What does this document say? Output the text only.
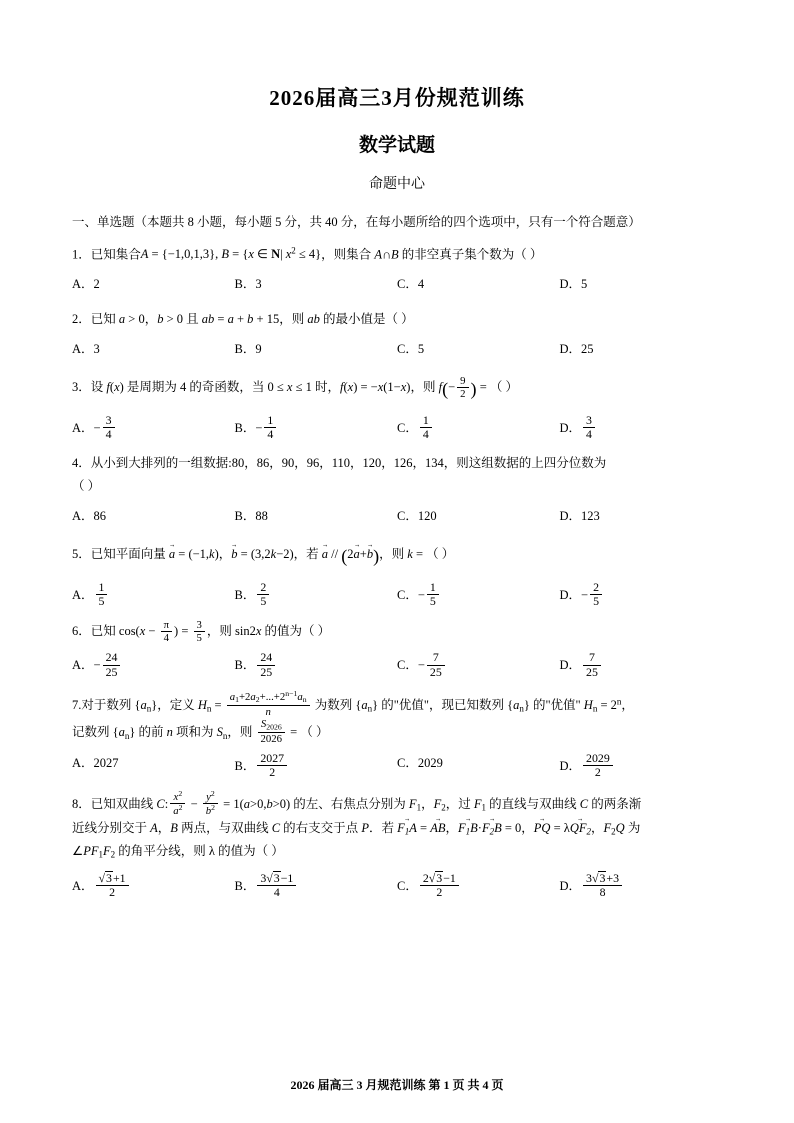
2026届高三3月份规范训练
数学试题
命题中心
一、单选题（本题共 8 小题，每小题 5 分，共 40 分，在每小题所给的四个选项中，只有一个符合题意）
1．已知集合A = {−1,0,1,3}, B = {x ∈ N| $x^2 \le 4$}，则集合 A∩B 的非空真子集个数为（ ）
A．2	B．3	C．4	D．5
2．已知 a > 0，b > 0 且 ab = a + b + 15，则 ab 的最小值是（ ）
A．3	B．9	C．5	D．25
3．设 f(x) 是周期为 4 的奇函数，当 0 ≤ x ≤ 1 时，f(x) = −x(1−x)，则 $f(- \frac{9}{2}$ ) = （ ）
A．− $\frac{3}{4}$	B．− $\frac{1}{4}$	C． $\frac{1}{4}$	D． $\frac{3}{4}$
4．从小到大排列的一组数据:80，86，90，96，110，120，126，134，则这组数据的上四分位数为
（ ）
A．86	B．88	C．120	D．123
5．已知平面向量 a → = (−1,k)，b → = (3,2k−2)，若 a → // (2a →+b →)，则 k = （ ）
A． $\frac{1}{5}$	B． $\frac{2}{5}$	C．− $\frac{1}{5}$	D．− $\frac{2}{5}$
6．已知 $\cos(x - \frac{\pi}{4}$ ) = $\frac{3}{5}$ ，则 sin2x 的值为（ ）
A．− $\frac{24}{25}$	B． $\frac{24}{25}$	C．− $\frac{7}{25}$	D． $\frac{7}{25}$
7.对于数列 $\{a_n\}$，定义 $H_n = \frac{a_1+2a_2+...+2^{n-1}a_n}{n}$ 为数列 $\{a_n\}$ 的"优值"，现已知数列 $\{a_n\}$ 的"优值" $H_n = 2^n$，
记数列 $\{a_n\}$ 的前 n 项和为 $S_n$，则 $\frac{S_{2026}}{2026}$ = （ ）
A．2027	B． $\frac{2027}{2}$	C．2029	D． $\frac{2029}{2}$
8．已知双曲线 C: $\frac{x^2}{a^2} - \frac{y^2}{b^2} = 1(a>0,b>0)$ 的左、右焦点分别为 $F_1$，$F_2$，过 $F_1$ 的直线与双曲线 C 的两条渐
近线分别交于 A，B 两点，与双曲线 C 的右支交于点 P．若 $F_1A$ → = AB →，$F_1B \to\cdot F_2B$ → = 0，PQ → = λQF$_2$ →，$F_2Q$ 为
$\angle PF_1F_2$ 的角平分线，则 λ 的值为（ ）
A． $\frac{√3+1}{2}$	B． $\frac{3√3-1}{4}$	C． $\frac{2√3-1}{2}$	D． $\frac{3√3+3}{8}$
2026 届高三 3 月规范训练 第 1 页 共 4 页
